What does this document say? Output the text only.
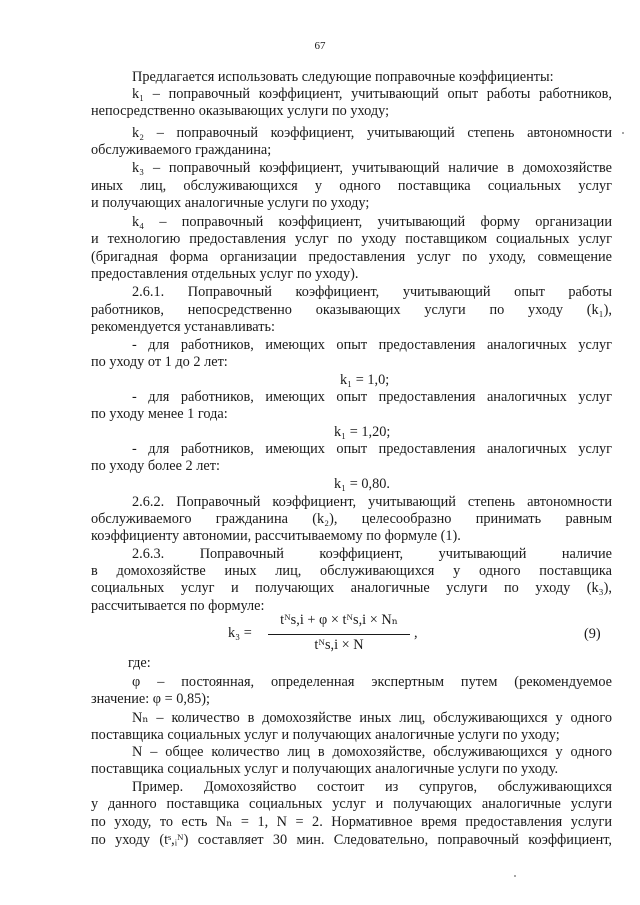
67
Предлагается использовать следующие поправочные коэффициенты:
k₁ – поправочный коэффициент, учитывающий опыт работы работников,
непосредственно оказывающих услуги по уходу;
k₂ – поправочный коэффициент, учитывающий степень автономности
обслуживаемого гражданина;
k₃ – поправочный коэффициент, учитывающий наличие в домохозяйстве
иных лиц, обслуживающихся у одного поставщика социальных услуг
и получающих аналогичные услуги по уходу;
k₄ – поправочный коэффициент, учитывающий форму организации
и технологию предоставления услуг по уходу поставщиком социальных услуг
(бригадная форма организации предоставления услуг по уходу, совмещение
предоставления отдельных услуг по уходу).
2.6.1. Поправочный коэффициент, учитывающий опыт работы
работников, непосредственно оказывающих услуги по уходу (k₁),
рекомендуется устанавливать:
- для работников, имеющих опыт предоставления аналогичных услуг
по уходу от 1 до 2 лет:
k₁ = 1,0;
- для работников, имеющих опыт предоставления аналогичных услуг
по уходу менее 1 года:
k₁ = 1,20;
- для работников, имеющих опыт предоставления аналогичных услуг
по уходу более 2 лет:
k₁ = 0,80.
2.6.2. Поправочный коэффициент, учитывающий степень автономности
обслуживаемого гражданина (k₂), целесообразно принимать равным
коэффициенту автономии, рассчитываемому по формуле (1).
2.6.3. Поправочный коэффициент, учитывающий наличие
в домохозяйстве иных лиц, обслуживающихся у одного поставщика
социальных услуг и получающих аналогичные услуги по уходу (k₃),
рассчитывается по формуле:
k₃ =
tᴺs,i + φ × tᴺs,i × Nₙ
tᴺs,i × N
,	(9)
где:
φ – постоянная, определенная экспертным путем (рекомендуемое
значение: φ = 0,85);
Nₙ – количество в домохозяйстве иных лиц, обслуживающихся у одного
поставщика социальных услуг и получающих аналогичные услуги по уходу;
N – общее количество лиц в домохозяйстве, обслуживающихся у одного
поставщика социальных услуг и получающих аналогичные услуги по уходу.
Пример. Домохозяйство состоит из супругов, обслуживающихся
у данного поставщика социальных услуг и получающих аналогичные услуги
по уходу, то есть Nₙ = 1, N = 2. Нормативное время предоставления услуги
по уходу (tˢ,ᵢᴺ) составляет 30 мин. Следовательно, поправочный коэффициент,
